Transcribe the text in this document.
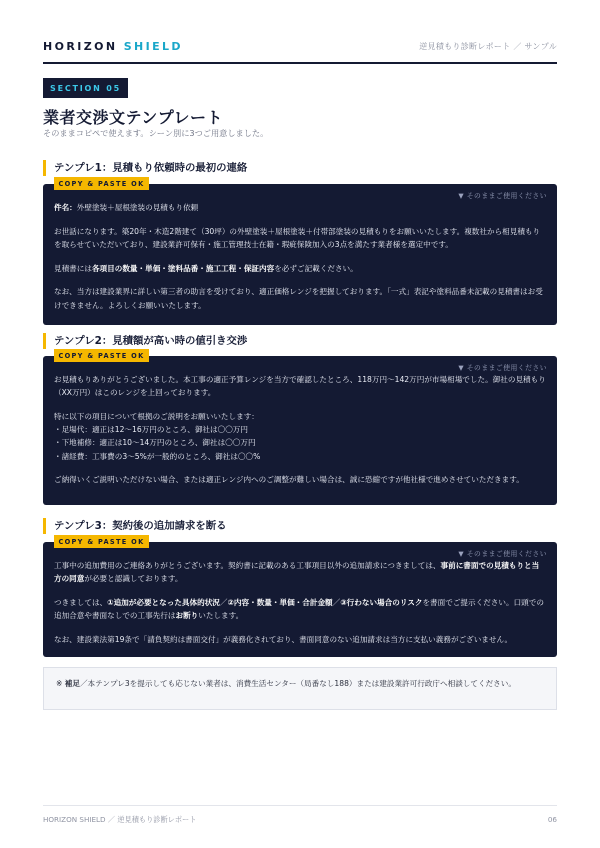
HORIZON SHIELD	逆見積もり診断レポート ／ サンプル
SECTION 05
業者交渉文テンプレート
そのままコピペで使えます。シーン別に3つご用意しました。
テンプレ1：見積もり依頼時の最初の連絡
COPY & PASTE OK
▼ そのままご使用ください

件名：外壁塗装＋屋根塗装の見積もり依頼

お世話になります。築20年・木造2階建て（30坪）の外壁塗装＋屋根塗装＋付帯部塗装の見積もりをお願いいたします。複数社から相見積もりを取らせていただいており、建設業許可保有・施工管理技士在籍・瑕疵保険加入の3点を満たす業者様を選定中です。

見積書には各項目の数量・単価・塗料品番・施工工程・保証内容を必ずご記載ください。

なお、当方は建設業界に詳しい第三者の助言を受けており、適正価格レンジを把握しております。「一式」表記や塗料品番未記載の見積書はお受けできません。よろしくお願いいたします。

テンプレ2：見積額が高い時の値引き交渉
COPY & PASTE OK
▼ そのままご使用ください

お見積もりありがとうございました。本工事の適正予算レンジを当方で確認したところ、118万円〜142万円が市場相場でした。御社の見積もり（XX万円）はこのレンジを上回っております。

特に以下の項目について根拠のご説明をお願いいたします：

・足場代：適正は12〜16万円のところ、御社は〇〇万円

・下地補修：適正は10〜14万円のところ、御社は〇〇万円

・諸経費：工事費の3〜5%が一般的のところ、御社は〇〇%

ご納得いくご説明いただけない場合、または適正レンジ内へのご調整が難しい場合は、誠に恐縮ですが他社様で進めさせていただきます。

テンプレ3：契約後の追加請求を断る
COPY & PASTE OK
▼ そのままご使用ください

工事中の追加費用のご連絡ありがとうございます。契約書に記載のある工事項目以外の追加請求につきましては、事前に書面での見積もりと当方の同意が必要と認識しております。

つきましては、①追加が必要となった具体的状況／②内容・数量・単価・合計金額／③行わない場合のリスクを書面でご提示ください。口頭での追加合意や書面なしでの工事先行はお断りいたします。

なお、建設業法第19条で「請負契約は書面交付」が義務化されており、書面同意のない追加請求は当方に支払い義務がございません。

※ 補足／本テンプレ3を提示しても応じない業者は、消費生活センター（局番なし188）または建設業許可行政庁へ相談してください。
HORIZON SHIELD ／ 逆見積もり診断レポート	06
